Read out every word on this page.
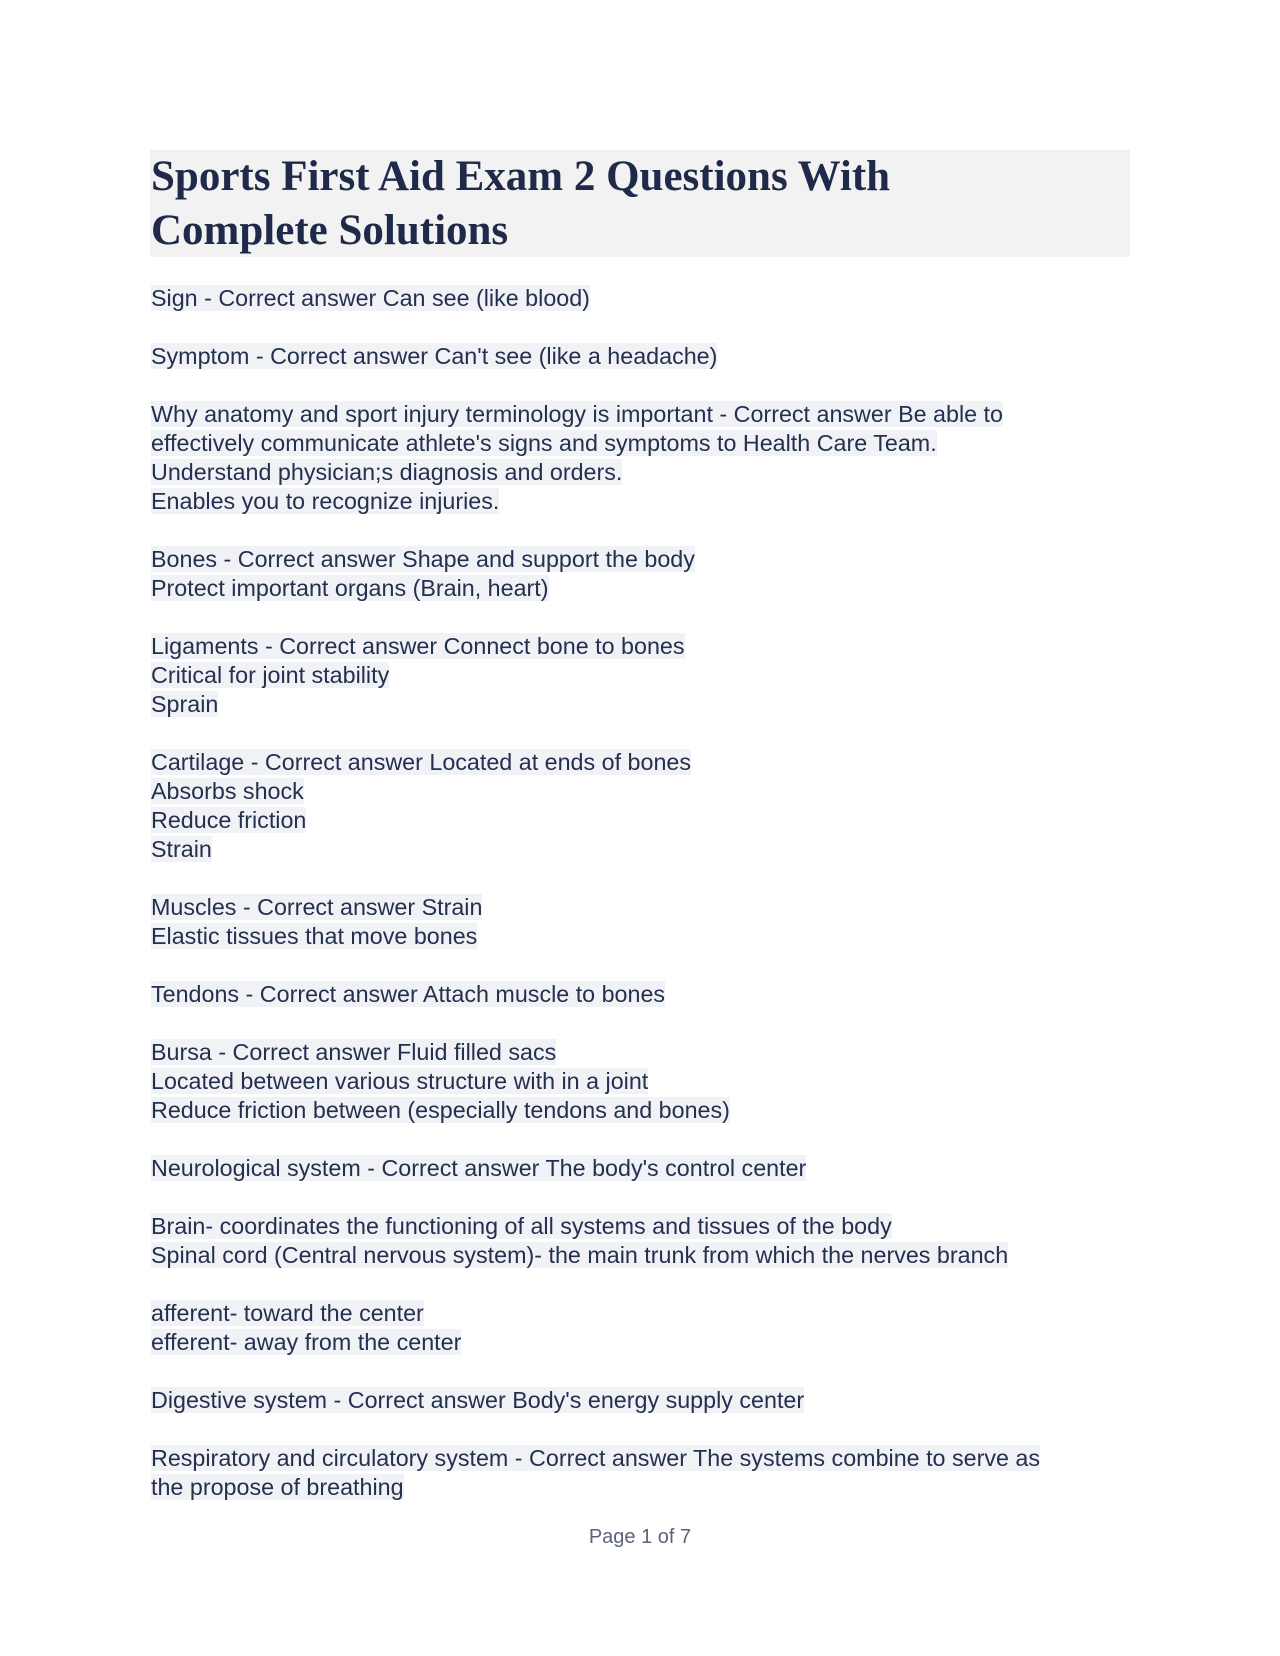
Sports First Aid Exam 2 Questions With
Complete Solutions
Sign - Correct answer Can see (like blood)
Symptom - Correct answer Can't see (like a headache)
Why anatomy and sport injury terminology is important - Correct answer Be able to
effectively communicate athlete's signs and symptoms to Health Care Team.
Understand physician;s diagnosis and orders.
Enables you to recognize injuries.
Bones - Correct answer Shape and support the body
Protect important organs (Brain, heart)
Ligaments - Correct answer Connect bone to bones
Critical for joint stability
Sprain
Cartilage - Correct answer Located at ends of bones
Absorbs shock
Reduce friction
Strain
Muscles - Correct answer Strain
Elastic tissues that move bones
Tendons - Correct answer Attach muscle to bones
Bursa - Correct answer Fluid filled sacs
Located between various structure with in a joint
Reduce friction between (especially tendons and bones)
Neurological system - Correct answer The body's control center
Brain- coordinates the functioning of all systems and tissues of the body
Spinal cord (Central nervous system)- the main trunk from which the nerves branch
afferent- toward the center
efferent- away from the center
Digestive system - Correct answer Body's energy supply center
Respiratory and circulatory system - Correct answer The systems combine to serve as
the propose of breathing
Page 1 of 7
